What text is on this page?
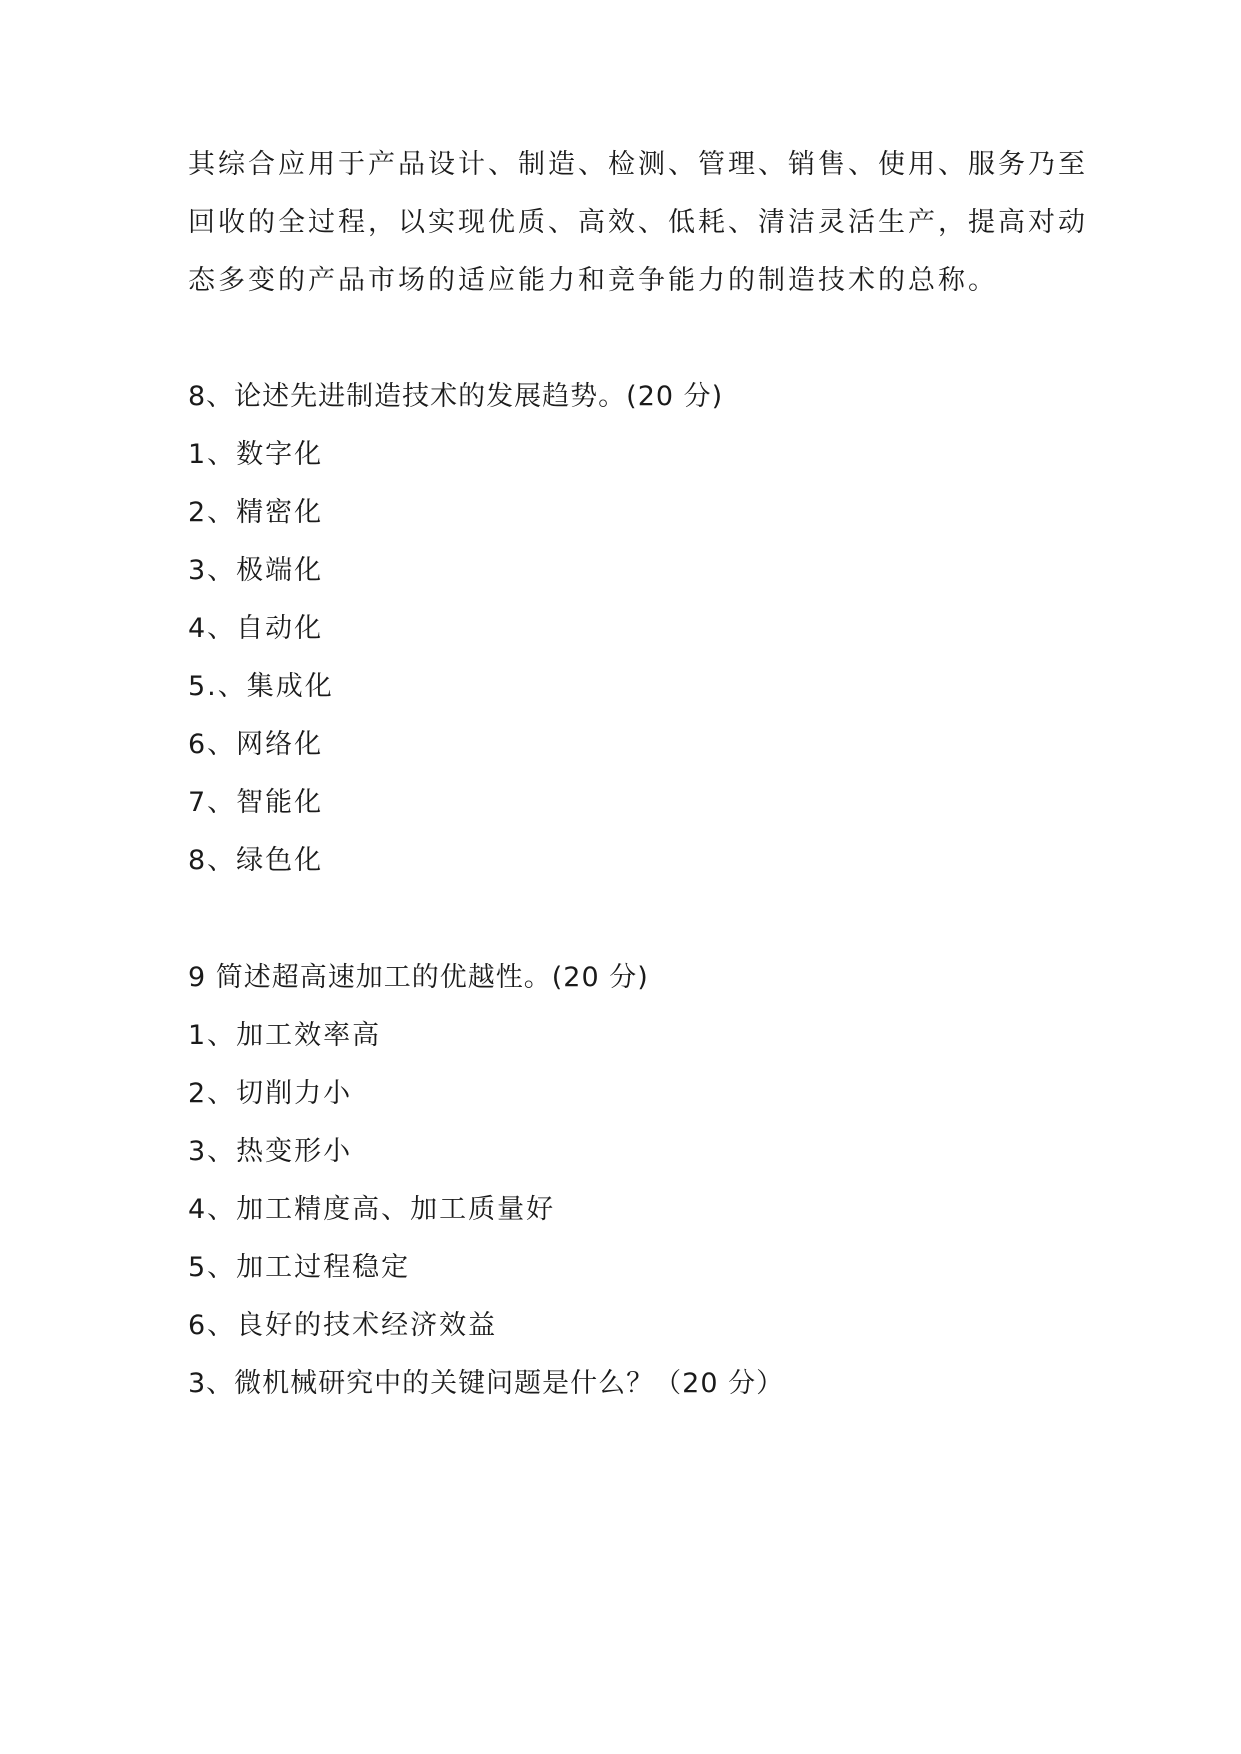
其综合应用于产品设计、制造、检测、管理、销售、使用、服务乃至
回收的全过程，以实现优质、高效、低耗、清洁灵活生产，提高对动
态多变的产品市场的适应能力和竞争能力的制造技术的总称。
8、论述先进制造技术的发展趋势。(20 分)
1、数字化
2、精密化
3、极端化
4、自动化
5.、集成化
6、网络化
7、智能化
8、绿色化
9 简述超高速加工的优越性。(20 分)
1、加工效率高
2、切削力小
3、热变形小
4、加工精度高、加工质量好
5、加工过程稳定
6、良好的技术经济效益
3、微机械研究中的关键问题是什么？（20 分）
